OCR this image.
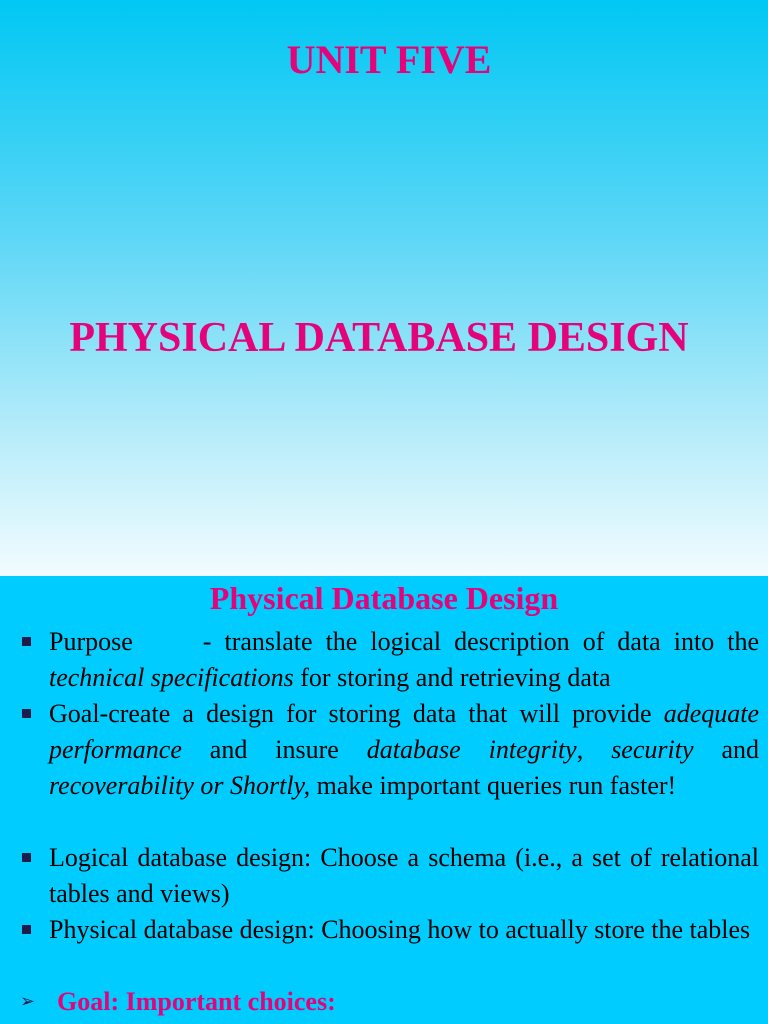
UNIT FIVE
PHYSICAL DATABASE DESIGN
Physical Database Design
Purpose	- translate the logical description of data into the technical specifications for storing and retrieving data
Goal-create a design for storing data that will provide adequate performance and insure database integrity, security and recoverability or Shortly, make important queries run faster!
Logical database design: Choose a schema (i.e., a set of relational tables and views)
Physical database design: Choosing how to actually store the tables
➢ Goal: Important choices:
